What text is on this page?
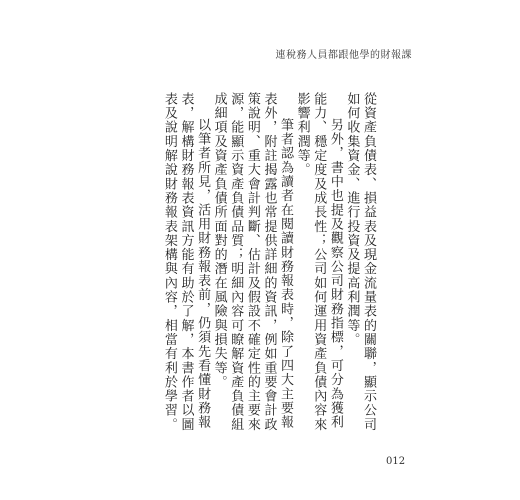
連稅務人員都跟他學的財報課

從資產負債表、損益表及現金流量表的關聯，顯示公司如何收集資金、進行投資及提高利潤等。

另外，書中也提及觀察公司財務指標，可分為獲利能力、穩定度及成長性；公司如何運用資產負債內容來影響利潤等。

筆者認為讀者在閱讀財務報表時，除了四大主要報表外，附註揭露也常提供詳細的資訊，例如重要會計政策說明、重大會計判斷、估計及假設不確定性的主要來源，能顯示資產負債品質；明細內容可瞭解資產負債組成細項及資產負債所面對的潛在風險與損失等。

以筆者所見，活用財務報表前，仍須先看懂財務報表，解構財務報表資訊方能有助於了解，本書作者以圖表及說明解說財務報表架構與內容，相當有利於學習。

012
